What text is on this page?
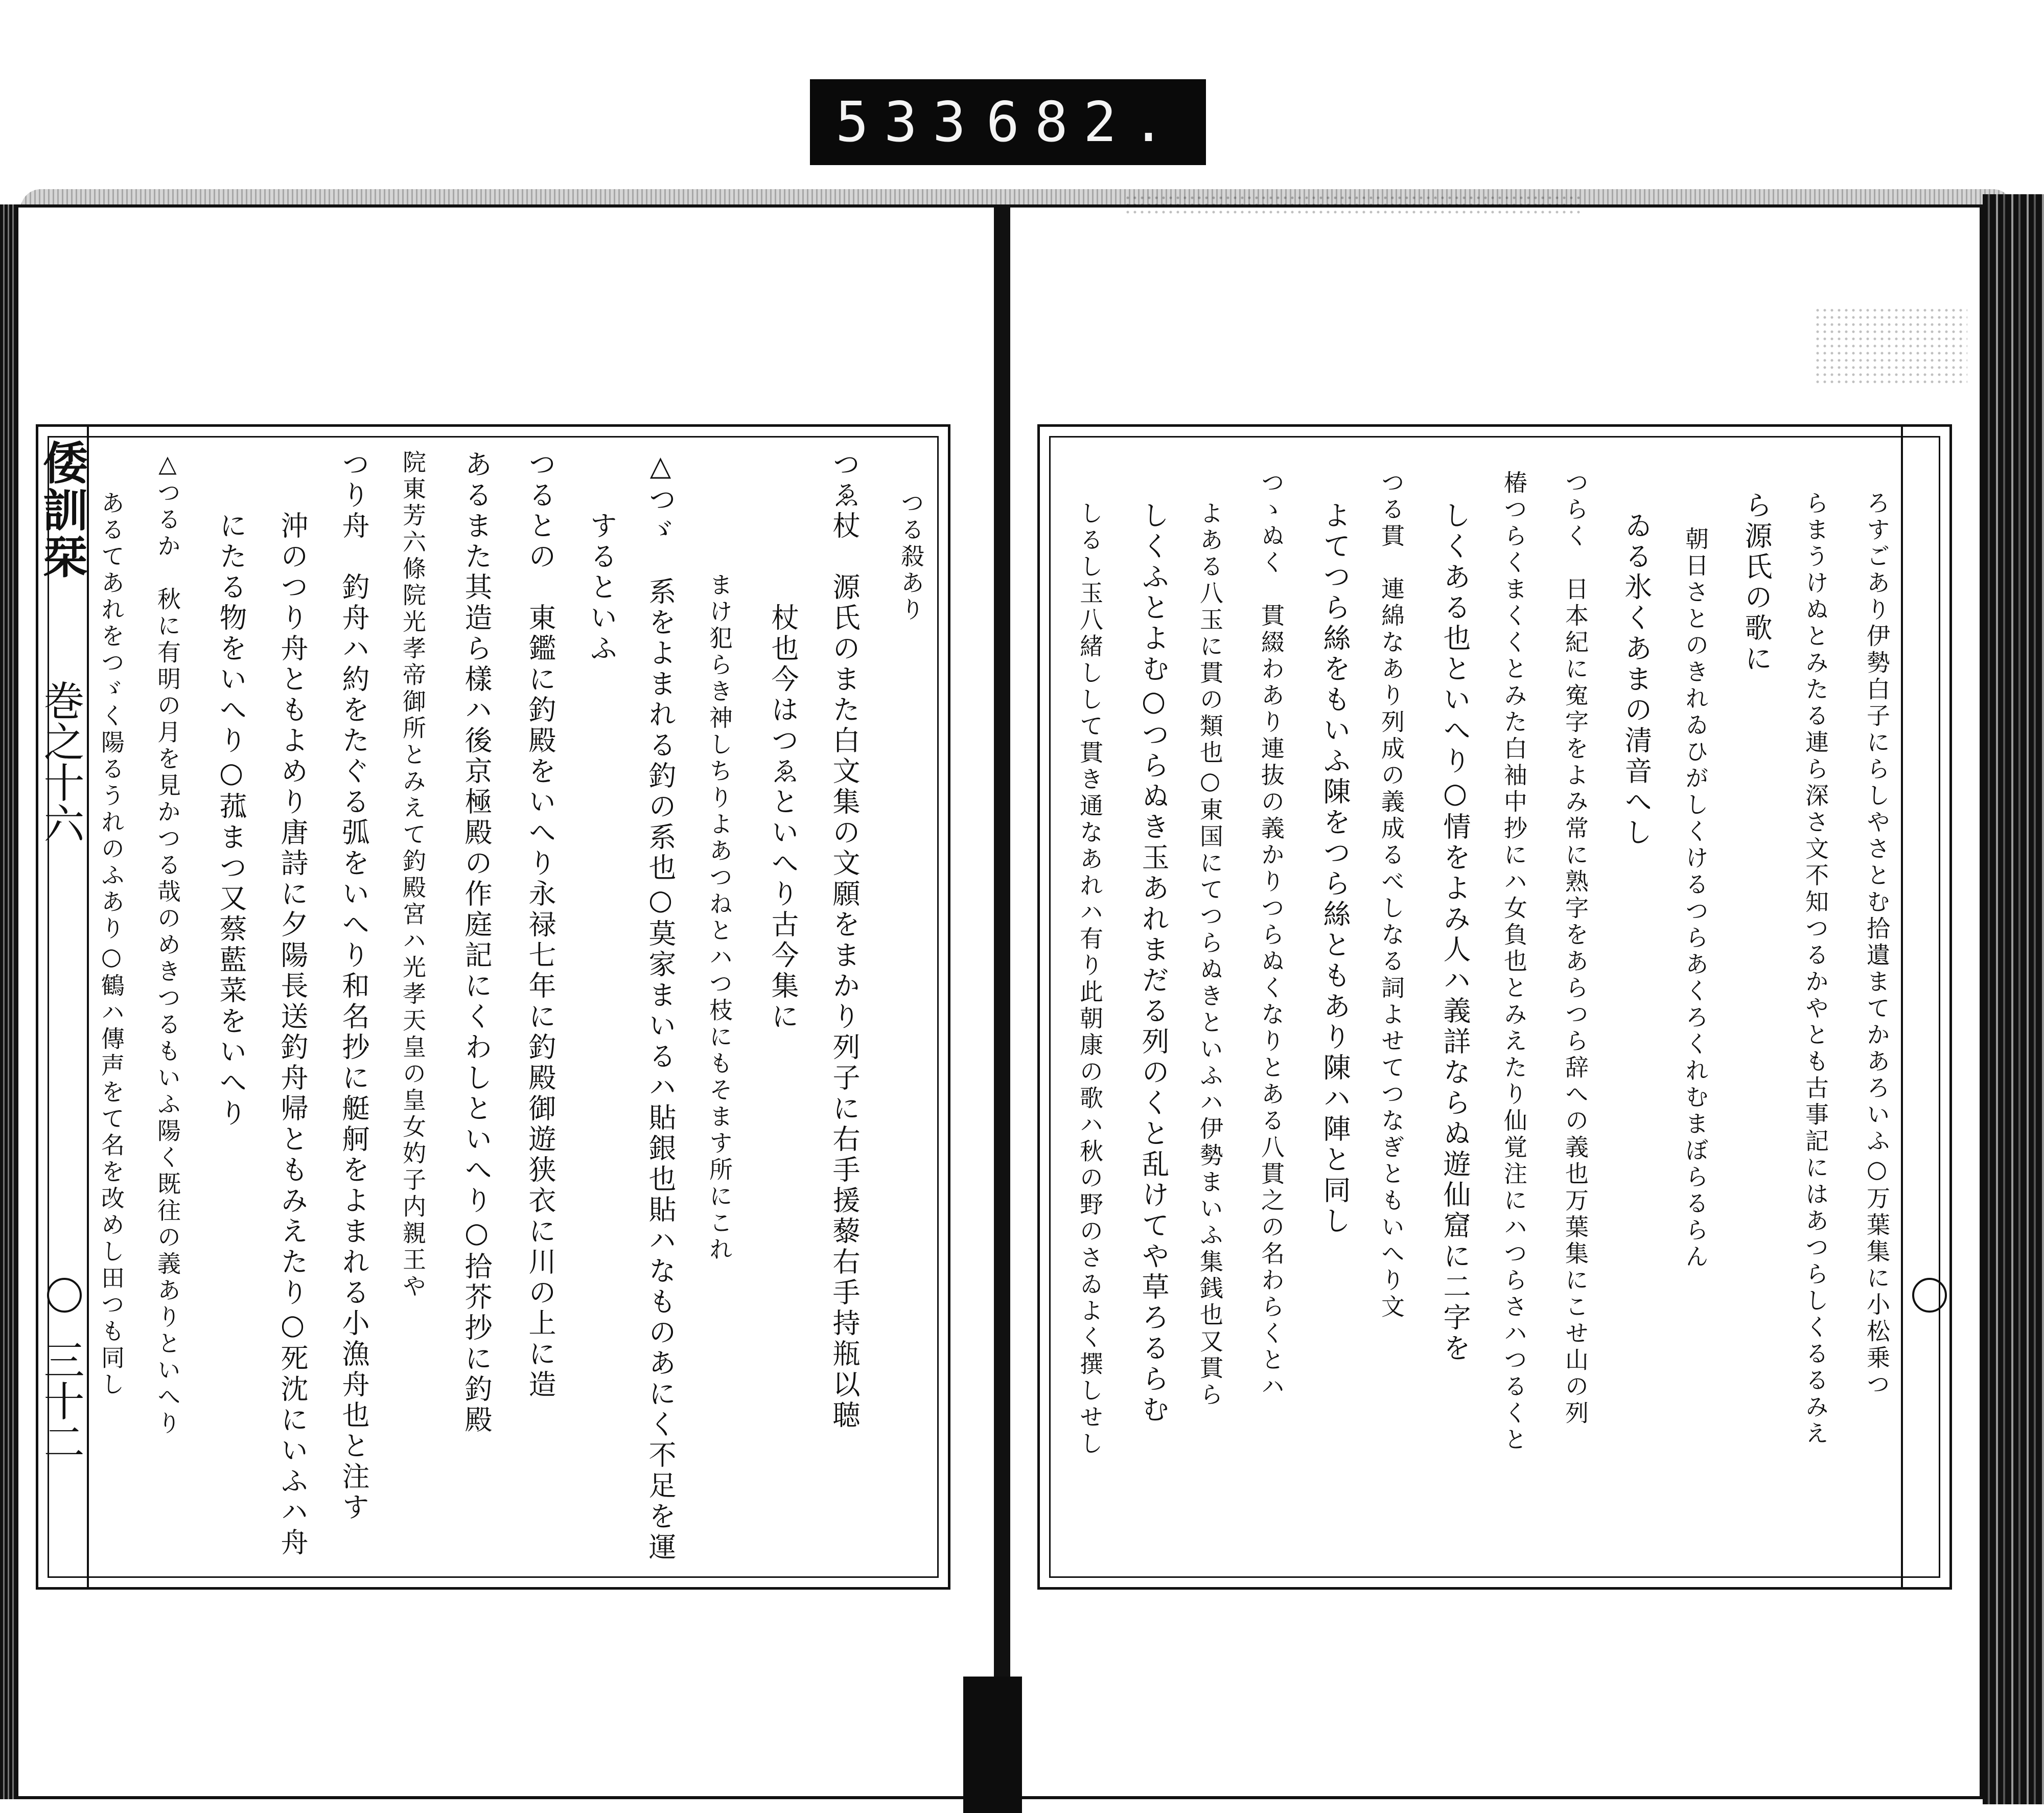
533 682.
倭訓栞
巻之十六
三十二
つる殺あり
つゑ杖　源氏のまた白文集の文願をまかり列子に右手援藜右手持瓶以聴
杖也今はつゑといへり古今集に
まけ犯らき神しちりよあつねとハつ枝にもそます所にこれ
△つゞ　系をよまれる釣の系也○莫家まいるハ貼銀也貼ハなものあにく不足を運
するといふ
つるとの　東鑑に釣殿をいへり永禄七年に釣殿御遊狭衣に川の上に造
あるまた其造ら樣ハ後京極殿の作庭記にくわしといへり○拾芥抄に釣殿
院東芳六條院光孝帝御所とみえて釣殿宮ハ光孝天皇の皇女妁子内親王や
つり舟　釣舟ハ約をたぐる弧をいへり和名抄に艇舸をよまれる小漁舟也と注す
沖のつり舟ともよめり唐詩に夕陽長送釣舟帰ともみえたり○死沈にいふハ舟
にたる物をいへり○菰まつ又蔡藍菜をいへり
△つるか　秋に有明の月を見かつる哉のめきつるもいふ陽く既往の義ありといへり
あるてあれをつゞく陽るうれのふあり○鶴ハ傳声をて名を改めし田つも同し	ろすごあり伊勢白子にらしやさとむ拾遺まてかあろいふ○万葉集に小松乗つ
らまうけぬとみたる連ら深さ文不知つるかやとも古事記にはあつらしくるるみえ
ら源氏の歌に
朝日さとのきれゐひがしくけるつらあくろくれむまぼらるらん
ゐる氷くあまの清音へし
つらく　日本紀に寃字をよみ常に熟字をあらつら辞への義也万葉集にこせ山の列
椿つらくまくくとみた白袖中抄にハ女負也とみえたり仙覚注にハつらさハつるくと
しくある也といへり○情をよみ人ハ義詳ならぬ遊仙窟に二字を
つる貫　連綿なあり列成の義成るべしなる詞よせてつなぎともいへり文
よてつら絲をもいふ陳をつら絲ともあり陳ハ陣と同し
つゝぬく　貫綴わあり連抜の義かりつらぬくなりとある八貫之の名わらくとハ
よある八玉に貫の類也○東国にてつらぬきといふハ伊勢まいふ集銭也又貫ら
しくふとよむ○つらぬき玉あれまだる列のくと乱けてや草ろるらむ
しるし玉八緒しして貫き通なあれハ有り此朝康の歌ハ秋の野のさゐよく撰しせし
